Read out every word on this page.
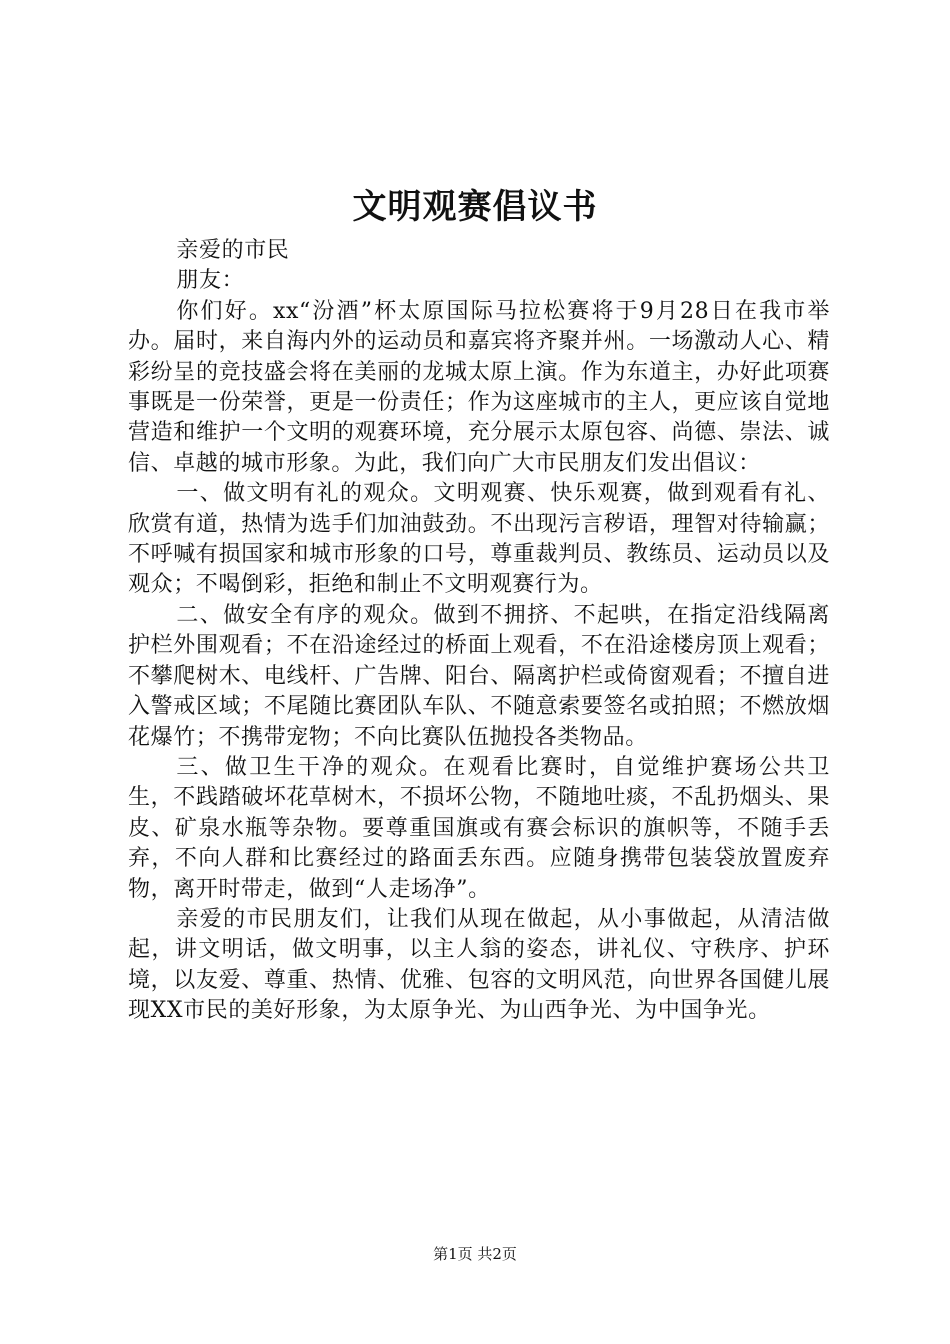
文明观赛倡议书

亲爱的市民

朋友：

你们好。xx“汾酒”杯太原国际马拉松赛将于9月28日在我市举办。届时，来自海内外的运动员和嘉宾将齐聚并州。一场激动人心、精彩纷呈的竞技盛会将在美丽的龙城太原上演。作为东道主，办好此项赛事既是一份荣誉，更是一份责任；作为这座城市的主人，更应该自觉地营造和维护一个文明的观赛环境，充分展示太原包容、尚德、崇法、诚信、卓越的城市形象。为此，我们向广大市民朋友们发出倡议：

一、做文明有礼的观众。文明观赛、快乐观赛，做到观看有礼、欣赏有道，热情为选手们加油鼓劲。不出现污言秽语，理智对待输赢；不呼喊有损国家和城市形象的口号，尊重裁判员、教练员、运动员以及观众；不喝倒彩，拒绝和制止不文明观赛行为。

二、做安全有序的观众。做到不拥挤、不起哄，在指定沿线隔离护栏外围观看；不在沿途经过的桥面上观看，不在沿途楼房顶上观看；不攀爬树木、电线杆、广告牌、阳台、隔离护栏或倚窗观看；不擅自进入警戒区域；不尾随比赛团队车队、不随意索要签名或拍照；不燃放烟花爆竹；不携带宠物；不向比赛队伍抛投各类物品。

三、做卫生干净的观众。在观看比赛时，自觉维护赛场公共卫生，不践踏破坏花草树木，不损坏公物，不随地吐痰，不乱扔烟头、果皮、矿泉水瓶等杂物。要尊重国旗或有赛会标识的旗帜等，不随手丢弃，不向人群和比赛经过的路面丢东西。应随身携带包装袋放置废弃物，离开时带走，做到“人走场净”。

亲爱的市民朋友们，让我们从现在做起，从小事做起，从清洁做起，讲文明话，做文明事，以主人翁的姿态，讲礼仪、守秩序、护环境，以友爱、尊重、热情、优雅、包容的文明风范，向世界各国健儿展现XX市民的美好形象，为太原争光、为山西争光、为中国争光。

第1页 共2页
